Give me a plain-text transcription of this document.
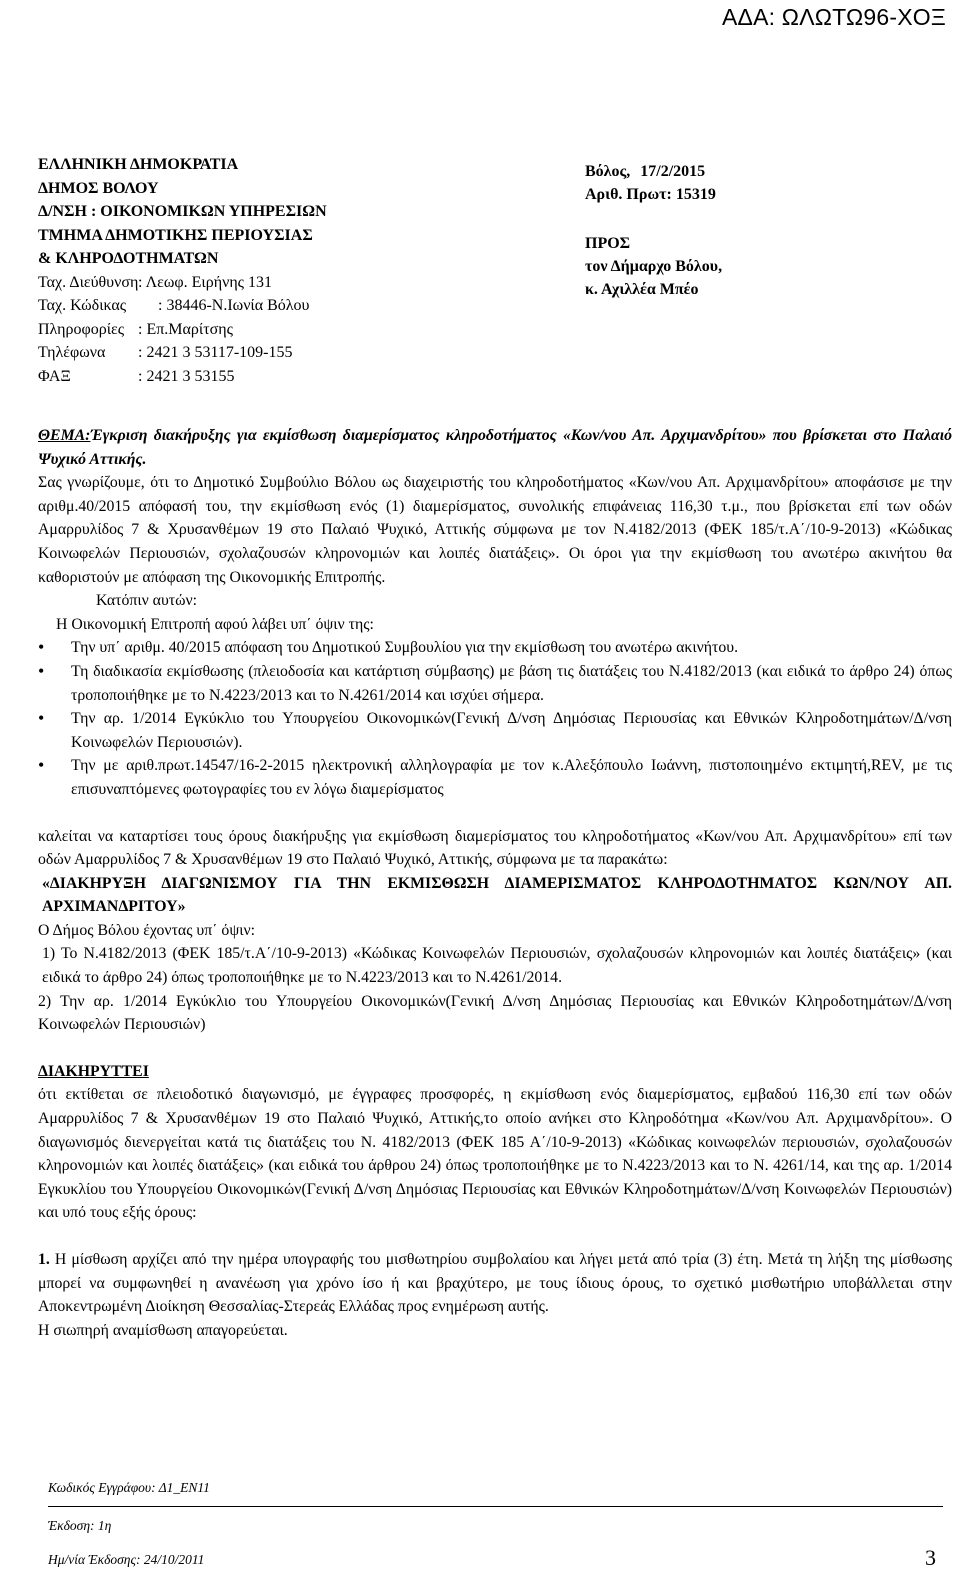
ΑΔΑ: ΩΛΩΤΩ96-ΧΟΞ
ΕΛΛΗΝΙΚΗ ΔΗΜΟΚΡΑΤΙΑ
ΔΗΜΟΣ ΒΟΛΟΥ
Δ/ΝΣΗ : ΟΙΚΟΝΟΜΙΚΩΝ ΥΠΗΡΕΣΙΩΝ
ΤΜΗΜΑ ΔΗΜΟΤΙΚΗΣ ΠΕΡΙΟΥΣΙΑΣ
& ΚΛΗΡΟΔΟΤΗΜΑΤΩΝ
Ταχ. Διεύθυνση : Λεωφ. Ειρήνης 131
Ταχ. Κώδικας : 38446-Ν.Ιωνία Βόλου
Πληροφορίες : Επ.Μαρίτσης
Τηλέφωνα	: 2421 3 53117-109-155
ΦΑΞ	: 2421 3 53155
Βόλος, 17/2/2015
Αριθ. Πρωτ: 15319
ΠΡΟΣ
τον Δήμαρχο Βόλου,
κ. Αχιλλέα Μπέο
ΘΕΜΑ:Έγκριση διακήρυξης για εκμίσθωση διαμερίσματος κληροδοτήματος «Κων/νου Απ. Αρχιμανδρίτου» που βρίσκεται στο Παλαιό Ψυχικό Αττικής.
Σας γνωρίζουμε, ότι το Δημοτικό Συμβούλιο Βόλου ως διαχειριστής του κληροδοτήματος «Κων/νου Απ. Αρχιμανδρίτου» αποφάσισε με την αριθμ.40/2015 απόφασή του, την εκμίσθωση ενός (1) διαμερίσματος, συνολικής επιφάνειας 116,30 τ.μ., που βρίσκεται επί των οδών Αμαρρυλίδος 7 & Χρυσανθέμων 19 στο Παλαιό Ψυχικό, Αττικής σύμφωνα με τον Ν.4182/2013 (ΦΕΚ 185/τ.Α΄/10-9-2013) «Κώδικας Κοινωφελών Περιουσιών, σχολαζουσών κληρονομιών και λοιπές διατάξεις». Οι όροι για την εκμίσθωση του ανωτέρω ακινήτου θα καθοριστούν με απόφαση της Οικονομικής Επιτροπής.
Κατόπιν αυτών:
Η Οικονομική Επιτροπή αφού λάβει υπ΄ όψιν της:
• Την υπ΄ αριθμ. 40/2015 απόφαση του Δημοτικού Συμβουλίου για την εκμίσθωση του ανωτέρω ακινήτου.
• Τη διαδικασία εκμίσθωσης (πλειοδοσία και κατάρτιση σύμβασης) με βάση τις διατάξεις του Ν.4182/2013 (και ειδικά το άρθρο 24) όπως τροποποιήθηκε με το Ν.4223/2013 και το Ν.4261/2014 και ισχύει σήμερα.
• Την αρ. 1/2014 Εγκύκλιο του Υπουργείου Οικονομικών(Γενική Δ/νση Δημόσιας Περιουσίας και Εθνικών Κληροδοτημάτων/Δ/νση Κοινωφελών Περιουσιών).
• Την με αριθ.πρωτ.14547/16-2-2015 ηλεκτρονική αλληλογραφία με τον κ.Αλεξόπουλο Ιωάννη, πιστοποιημένο εκτιμητή,REV, με τις επισυναπτόμενες φωτογραφίες του εν λόγω διαμερίσματος
καλείται να καταρτίσει τους όρους διακήρυξης για εκμίσθωση διαμερίσματος του κληροδοτήματος «Κων/νου Απ. Αρχιμανδρίτου» επί των οδών Αμαρρυλίδος 7 & Χρυσανθέμων 19 στο Παλαιό Ψυχικό, Αττικής, σύμφωνα με τα παρακάτω:
«ΔΙΑΚΗΡΥΞΗ ΔΙΑΓΩΝΙΣΜΟΥ ΓΙΑ ΤΗΝ ΕΚΜΙΣΘΩΣΗ ΔΙΑΜΕΡΙΣΜΑΤΟΣ ΚΛΗΡΟΔΟΤΗΜΑΤΟΣ ΚΩΝ/ΝΟΥ ΑΠ. ΑΡΧΙΜΑΝΔΡΙΤΟΥ»
Ο Δήμος Βόλου έχοντας υπ΄ όψιν:
1) Το Ν.4182/2013 (ΦΕΚ 185/τ.Α΄/10-9-2013) «Κώδικας Κοινωφελών Περιουσιών, σχολαζουσών κληρονομιών και λοιπές διατάξεις» (και ειδικά το άρθρο 24) όπως τροποποιήθηκε με το Ν.4223/2013 και το Ν.4261/2014.
2) Την αρ. 1/2014 Εγκύκλιο του Υπουργείου Οικονομικών(Γενική Δ/νση Δημόσιας Περιουσίας και Εθνικών Κληροδοτημάτων/Δ/νση Κοινωφελών Περιουσιών)
ΔΙΑΚΗΡΥΤΤΕΙ
ότι εκτίθεται σε πλειοδοτικό διαγωνισμό, με έγγραφες προσφορές, η εκμίσθωση ενός διαμερίσματος, εμβαδού 116,30 επί των οδών Αμαρρυλίδος 7 & Χρυσανθέμων 19 στο Παλαιό Ψυχικό, Αττικής,το οποίο ανήκει στο Κληροδότημα «Κων/νου Απ. Αρχιμανδρίτου». Ο διαγωνισμός διενεργείται κατά τις διατάξεις του Ν. 4182/2013 (ΦΕΚ 185 Α΄/10-9-2013) «Κώδικας κοινωφελών περιουσιών, σχολαζουσών κληρονομιών και λοιπές διατάξεις» (και ειδικά του άρθρου 24) όπως τροποποιήθηκε με το Ν.4223/2013 και το Ν. 4261/14, και της αρ. 1/2014 Εγκυκλίου του Υπουργείου Οικονομικών(Γενική Δ/νση Δημόσιας Περιουσίας και Εθνικών Κληροδοτημάτων/Δ/νση Κοινωφελών Περιουσιών) και υπό τους εξής όρους:
1. Η μίσθωση αρχίζει από την ημέρα υπογραφής του μισθωτηρίου συμβολαίου και λήγει μετά από τρία (3) έτη. Μετά τη λήξη της μίσθωσης μπορεί να συμφωνηθεί η ανανέωση για χρόνο ίσο ή και βραχύτερο, με τους ίδιους όρους, το σχετικό μισθωτήριο υποβάλλεται στην Αποκεντρωμένη Διοίκηση Θεσσαλίας-Στερεάς Ελλάδας προς ενημέρωση αυτής.
Η σιωπηρή αναμίσθωση απαγορεύεται.
Κωδικός Εγγράφου: Δ1_ΕΝ11
Έκδοση: 1η
Ημ/νία Έκδοσης: 24/10/2011	3
